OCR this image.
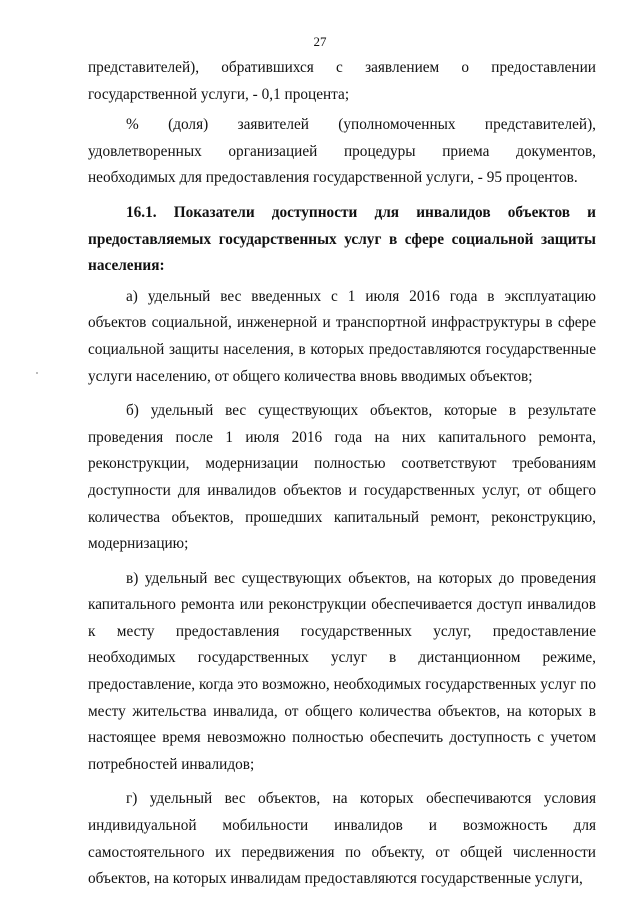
27

представителей), обратившихся с заявлением о предоставлении государственной услуги, - 0,1 процента;

% (доля) заявителей (уполномоченных представителей), удовлетворенных организацией процедуры приема документов, необходимых для предоставления государственной услуги, - 95 процентов.

16.1. Показатели доступности для инвалидов объектов и предоставляемых государственных услуг в сфере социальной защиты населения:

а) удельный вес введенных с 1 июля 2016 года в эксплуатацию объектов социальной, инженерной и транспортной инфраструктуры в сфере социальной защиты населения, в которых предоставляются государственные услуги населению, от общего количества вновь вводимых объектов;

б) удельный вес существующих объектов, которые в результате проведения после 1 июля 2016 года на них капитального ремонта, реконструкции, модернизации полностью соответствуют требованиям доступности для инвалидов объектов и государственных услуг, от общего количества объектов, прошедших капитальный ремонт, реконструкцию, модернизацию;

в) удельный вес существующих объектов, на которых до проведения капитального ремонта или реконструкции обеспечивается доступ инвалидов к месту предоставления государственных услуг, предоставление необходимых государственных услуг в дистанционном режиме, предоставление, когда это возможно, необходимых государственных услуг по месту жительства инвалида, от общего количества объектов, на которых в настоящее время невозможно полностью обеспечить доступность с учетом потребностей инвалидов;

г) удельный вес объектов, на которых обеспечиваются условия индивидуальной мобильности инвалидов и возможность для самостоятельного их передвижения по объекту, от общей численности объектов, на которых инвалидам предоставляются государственные услуги,
